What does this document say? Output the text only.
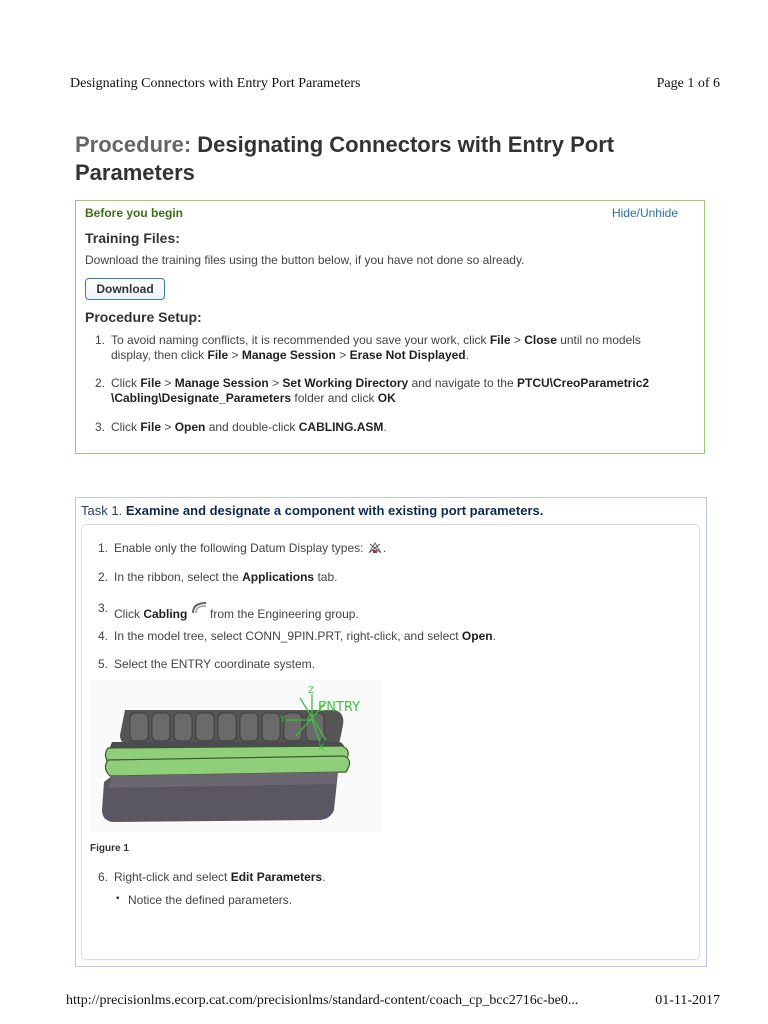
Designating Connectors with Entry Port Parameters	Page 1 of 6
Procedure: Designating Connectors with Entry Port Parameters
Before you begin	Hide/Unhide
Training Files:
Download the training files using the button below, if you have not done so already.
Download
Procedure Setup:
1. To avoid naming conflicts, it is recommended you save your work, click File > Close until no models
display, then click File > Manage Session > Erase Not Displayed.
2. Click File > Manage Session > Set Working Directory and navigate to the PTCU\CreoParametric2
\Cabling\Designate_Parameters folder and click OK
3. Click File > Open and double-click CABLING.ASM.
Task 1. Examine and designate a component with existing port parameters.
1. Enable only the following Datum Display types: .
2. In the ribbon, select the Applications tab.
3. Click Cabling  from the Engineering group.
4. In the model tree, select CONN_9PIN.PRT, right-click, and select Open.
5. Select the ENTRY coordinate system.
Z
Y
X
ENTRY
Figure 1
6. Right-click and select Edit Parameters.
▪ Notice the defined parameters.
http://precisionlms.ecorp.cat.com/precisionlms/standard-content/coach_cp_bcc2716c-be0...	01-11-2017
